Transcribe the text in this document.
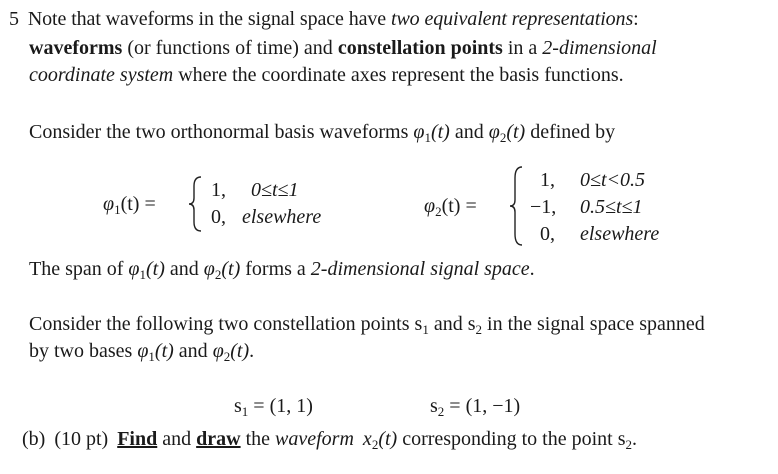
5 Note that waveforms in the signal space have two equivalent representations:
waveforms (or functions of time) and constellation points in a 2-dimensional
coordinate system where the coordinate axes represent the basis functions.
Consider the two orthonormal basis waveforms $\varphi_1(t)$ and $\varphi_2(t)$ defined by
$\varphi_1(t)$ =
1, 0≤t≤1
0, elsewhere	$\varphi_2(t)$ =
1, 0≤t<0.5
−1, 0.5≤t≤1
0, elsewhere
The span of $\varphi_1(t)$ and $\varphi_2(t)$ forms a 2-dimensional signal space.
Consider the following two constellation points $s_1$ and $s_2$ in the signal space spanned
by two bases $\varphi_1(t)$ and $\varphi_2(t)$.
$s_1 = (1$, 1)	$s_2 = (1$, −1)
(b) (10 pt) Find and draw the waveform $x_2(t)$ corresponding to the point $s_2$.
